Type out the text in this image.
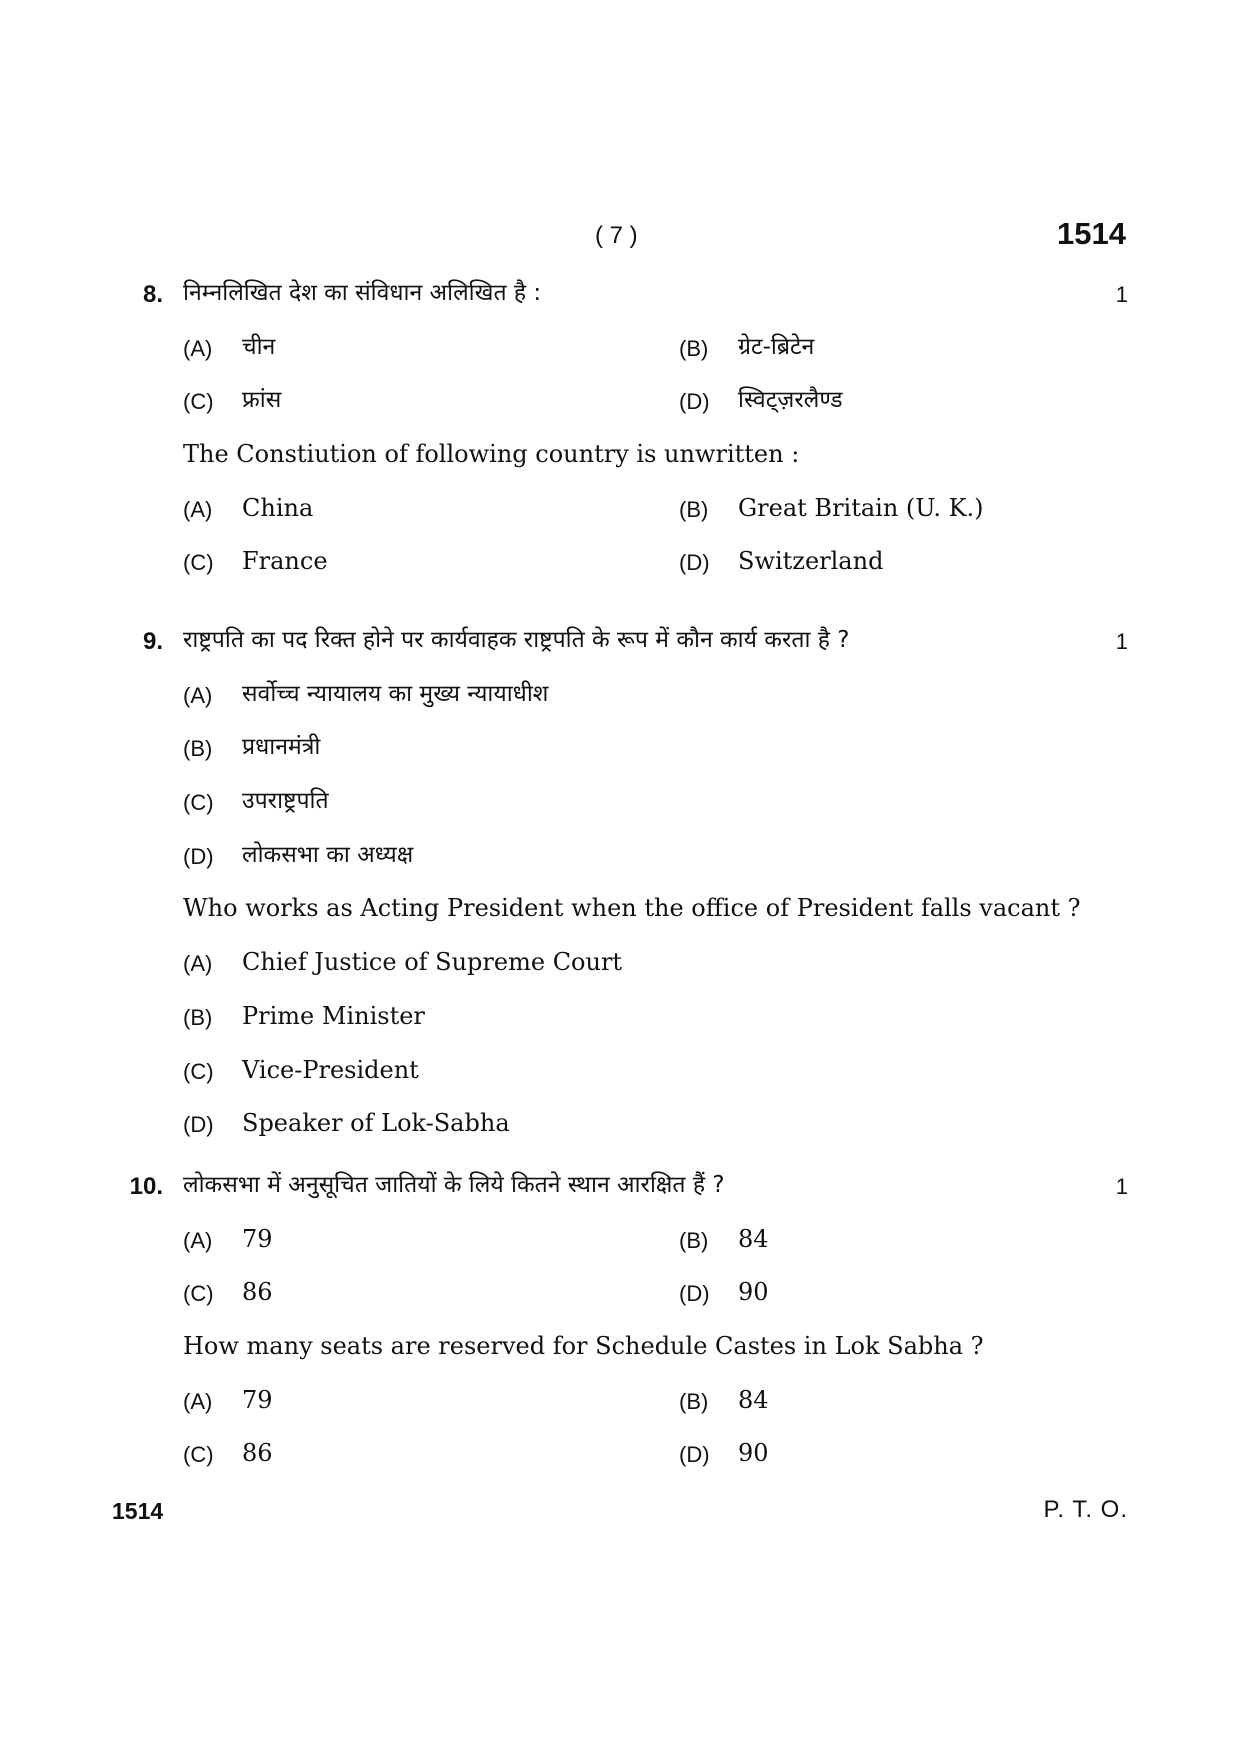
( 7 )	1514
8. निम्नलिखित देश का संविधान अलिखित है :	1
(A) चीन	(B) ग्रेट-ब्रिटेन
(C) फ्रांस	(D) स्विट्ज़रलैण्ड
The Constiution of following country is unwritten :
(A) China	(B) Great Britain (U. K.)
(C) France	(D) Switzerland
9. राष्ट्रपति का पद रिक्त होने पर कार्यवाहक राष्ट्रपति के रूप में कौन कार्य करता है ?	1
(A) सर्वोच्च न्यायालय का मुख्य न्यायाधीश
(B) प्रधानमंत्री
(C) उपराष्ट्रपति
(D) लोकसभा का अध्यक्ष
Who works as Acting President when the office of President falls vacant ?
(A) Chief Justice of Supreme Court
(B) Prime Minister
(C) Vice-President
(D) Speaker of Lok-Sabha
10. लोकसभा में अनुसूचित जातियों के लिये कितने स्थान आरक्षित हैं ?	1
(A) 79	(B) 84
(C) 86	(D) 90
How many seats are reserved for Schedule Castes in Lok Sabha ?
(A) 79	(B) 84
(C) 86	(D) 90
1514	P. T. O.
